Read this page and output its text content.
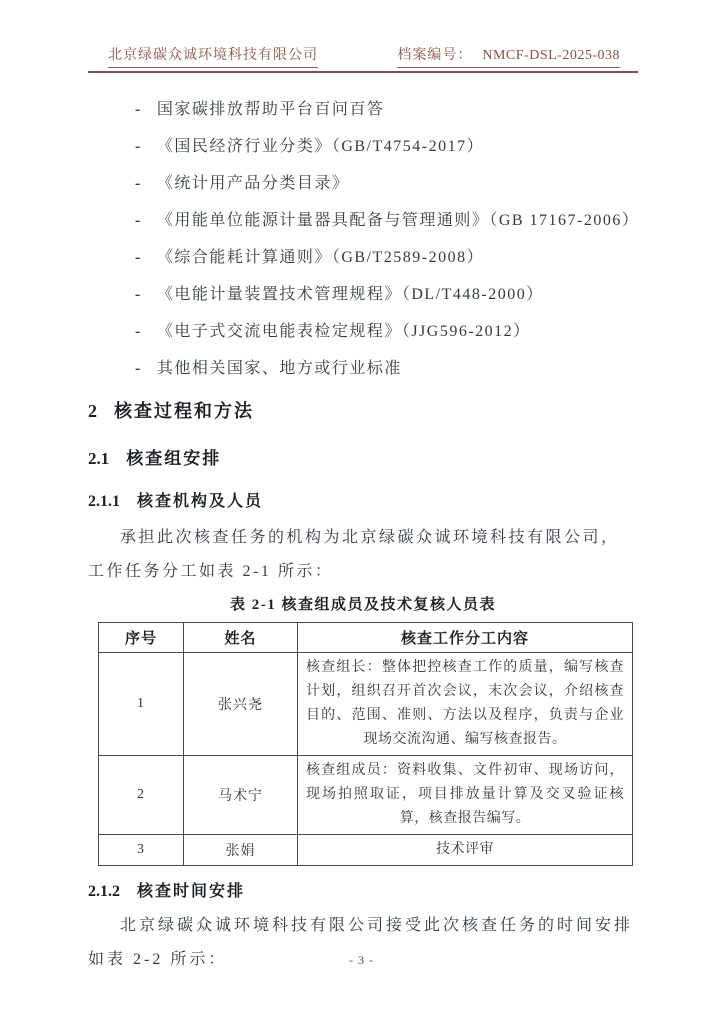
北京绿碳众诚环境科技有限公司	档案编号： NMCF-DSL-2025-038
- 国家碳排放帮助平台百问百答
- 《国民经济行业分类》（GB/T4754-2017）
- 《统计用产品分类目录》
- 《用能单位能源计量器具配备与管理通则》（GB 17167-2006）
- 《综合能耗计算通则》（GB/T2589-2008）
- 《电能计量装置技术管理规程》（DL/T448-2000）
- 《电子式交流电能表检定规程》（JJG596-2012）
- 其他相关国家、地方或行业标准
2 核查过程和方法
2.1 核查组安排
2.1.1 核查机构及人员

承担此次核查任务的机构为北京绿碳众诚环境科技有限公司，
工作任务分工如表 2-1 所示：

表 2-1 核查组成员及技术复核人员表
序号	姓名	核查工作分工内容
1	张兴尧	核查组长：整体把控核查工作的质量，编写核查计划，组织召开首次会议，末次会议，介绍核查目的、范围、准则、方法以及程序，负责与企业现场交流沟通、编写核查报告。
2	马术宁	核查组成员：资料收集、文件初审、现场访问，现场拍照取证，项目排放量计算及交叉验证核算，核查报告编写。
3	张娟	技术评审
2.1.2 核查时间安排

北京绿碳众诚环境科技有限公司接受此次核查任务的时间安排
如表 2-2 所示：	- 3 -
